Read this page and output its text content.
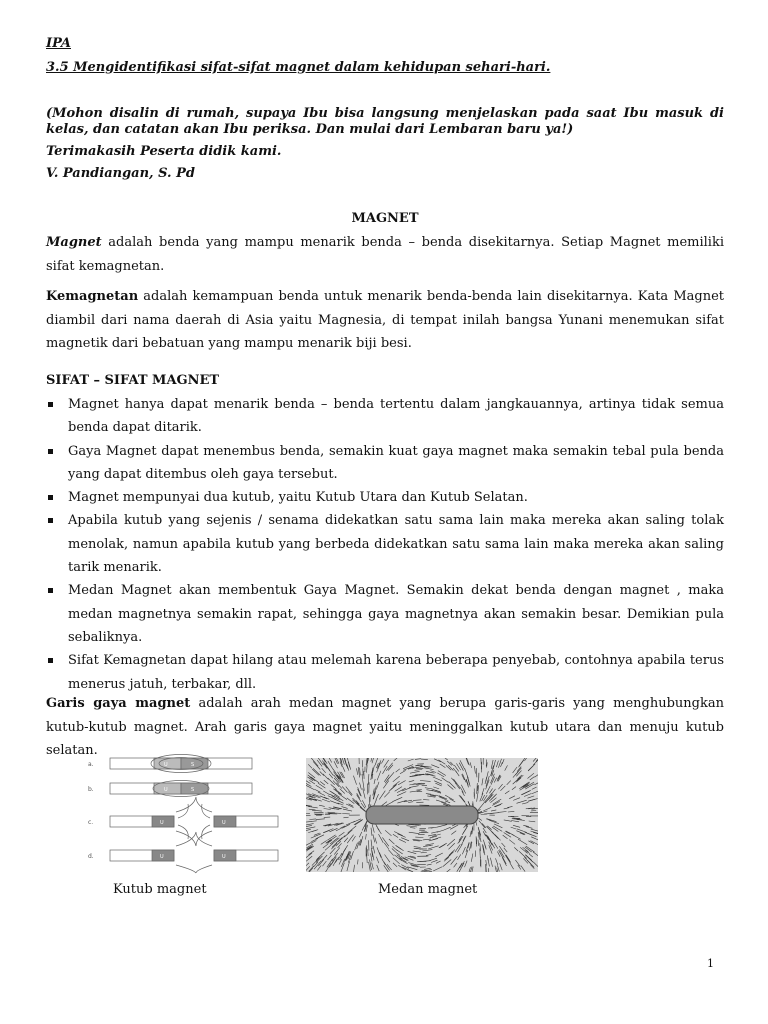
IPA
3.5 Mengidentifikasi sifat-sifat magnet dalam kehidupan sehari-hari.
(Mohon disalin di rumah, supaya Ibu bisa langsung menjelaskan pada saat Ibu masuk di kelas, dan catatan akan Ibu periksa. Dan mulai dari Lembaran baru ya!)
Terimakasih Peserta didik kami.
V. Pandiangan, S. Pd
MAGNET
Magnet adalah benda yang mampu menarik benda – benda disekitarnya. Setiap Magnet memiliki sifat kemagnetan.
Kemagnetan adalah kemampuan benda untuk menarik benda-benda lain disekitarnya. Kata Magnet diambil dari nama daerah di Asia yaitu Magnesia, di tempat inilah bangsa Yunani menemukan sifat magnetik dari bebatuan yang mampu menarik biji besi.
SIFAT – SIFAT MAGNET
Magnet hanya dapat menarik benda – benda tertentu dalam jangkauannya, artinya tidak semua benda dapat ditarik.
Gaya Magnet dapat menembus benda, semakin kuat gaya magnet maka semakin tebal pula benda yang dapat ditembus oleh gaya tersebut.
Magnet mempunyai dua kutub, yaitu Kutub Utara dan Kutub Selatan.
Apabila kutub yang sejenis / senama didekatkan satu sama lain maka mereka akan saling tolak menolak, namun apabila kutub yang berbeda didekatkan satu sama lain maka mereka akan saling tarik menarik.
Medan Magnet akan membentuk Gaya Magnet. Semakin dekat benda dengan magnet , maka medan magnetnya semakin rapat, sehingga gaya magnetnya akan semakin besar. Demikian pula sebaliknya.
Sifat Kemagnetan dapat hilang atau melemah karena beberapa penyebab, contohnya apabila terus menerus jatuh, terbakar, dll.
Garis gaya magnet adalah arah medan magnet yang berupa garis-garis yang menghubungkan kutub-kutub magnet. Arah garis gaya magnet yaitu meninggalkan kutub utara dan menuju kutub selatan.
a.
b.
c.
d.
U	S
U	S
U	U
U	U
Kutub magnet	Medan magnet
1
